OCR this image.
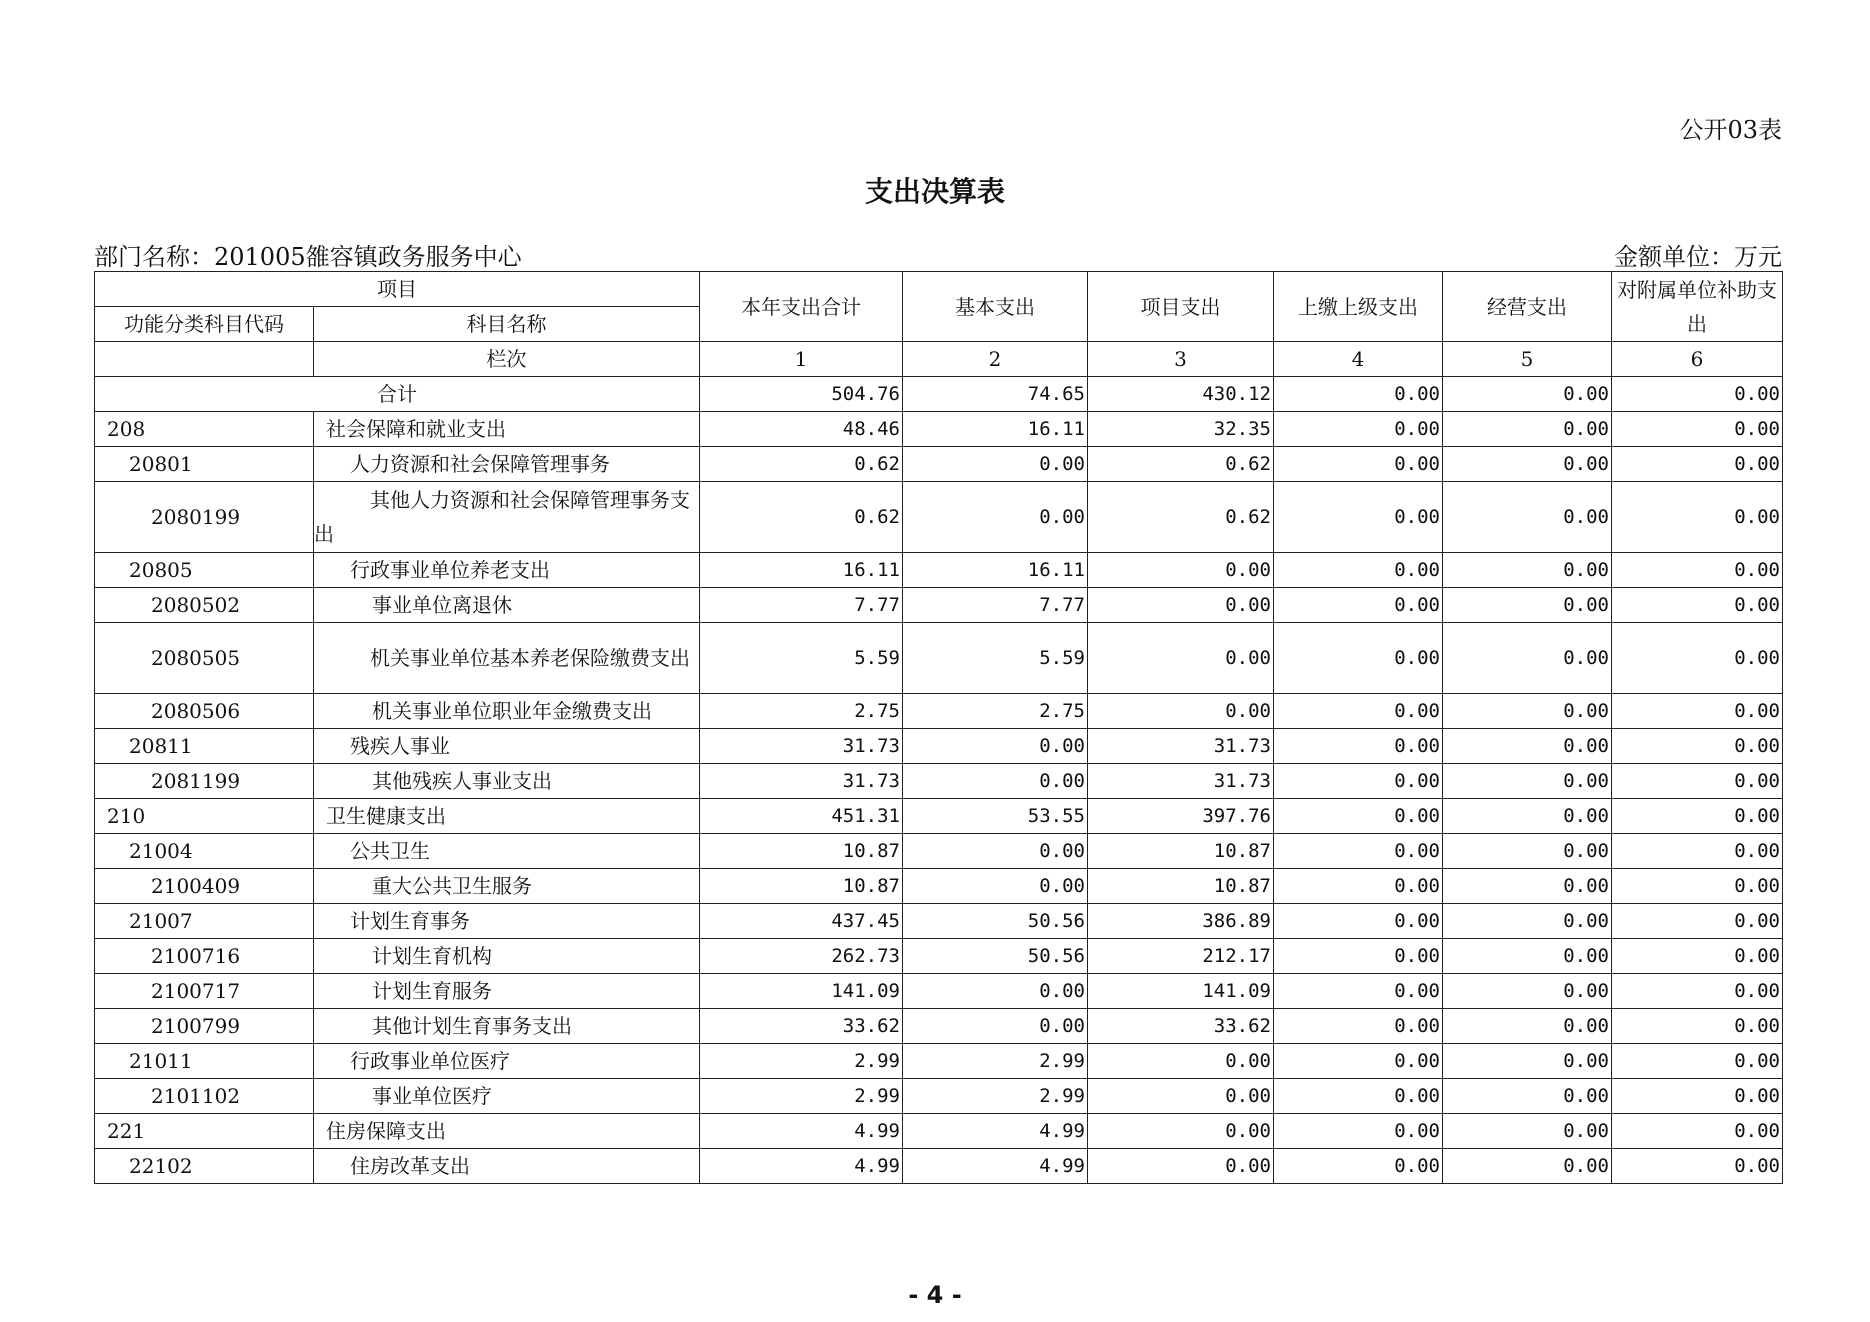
公开03表
支出决算表
部门名称：201005雒容镇政务服务中心	金额单位：万元
项目		本年支出合计	基本支出	项目支出	上缴上级支出	经营支出	对附属单位补助支出
功能分类科目代码	科目名称						
	栏次	1	2	3	4	5	6
合计		504.76	74.65	430.12	0.00	0.00	0.00
208	社会保障和就业支出	48.46	16.11	32.35	0.00	0.00	0.00
20801	人力资源和社会保障管理事务	0.62	0.00	0.62	0.00	0.00	0.00
2080199	其他人力资源和社会保障管理事务支出	0.62	0.00	0.62	0.00	0.00	0.00
20805	行政事业单位养老支出	16.11	16.11	0.00	0.00	0.00	0.00
2080502	事业单位离退休	7.77	7.77	0.00	0.00	0.00	0.00
2080505	机关事业单位基本养老保险缴费支出	5.59	5.59	0.00	0.00	0.00	0.00
2080506	机关事业单位职业年金缴费支出	2.75	2.75	0.00	0.00	0.00	0.00
20811	残疾人事业	31.73	0.00	31.73	0.00	0.00	0.00
2081199	其他残疾人事业支出	31.73	0.00	31.73	0.00	0.00	0.00
210	卫生健康支出	451.31	53.55	397.76	0.00	0.00	0.00
21004	公共卫生	10.87	0.00	10.87	0.00	0.00	0.00
2100409	重大公共卫生服务	10.87	0.00	10.87	0.00	0.00	0.00
21007	计划生育事务	437.45	50.56	386.89	0.00	0.00	0.00
2100716	计划生育机构	262.73	50.56	212.17	0.00	0.00	0.00
2100717	计划生育服务	141.09	0.00	141.09	0.00	0.00	0.00
2100799	其他计划生育事务支出	33.62	0.00	33.62	0.00	0.00	0.00
21011	行政事业单位医疗	2.99	2.99	0.00	0.00	0.00	0.00
2101102	事业单位医疗	2.99	2.99	0.00	0.00	0.00	0.00
221	住房保障支出	4.99	4.99	0.00	0.00	0.00	0.00
22102	住房改革支出	4.99	4.99	0.00	0.00	0.00	0.00
- 4 -
